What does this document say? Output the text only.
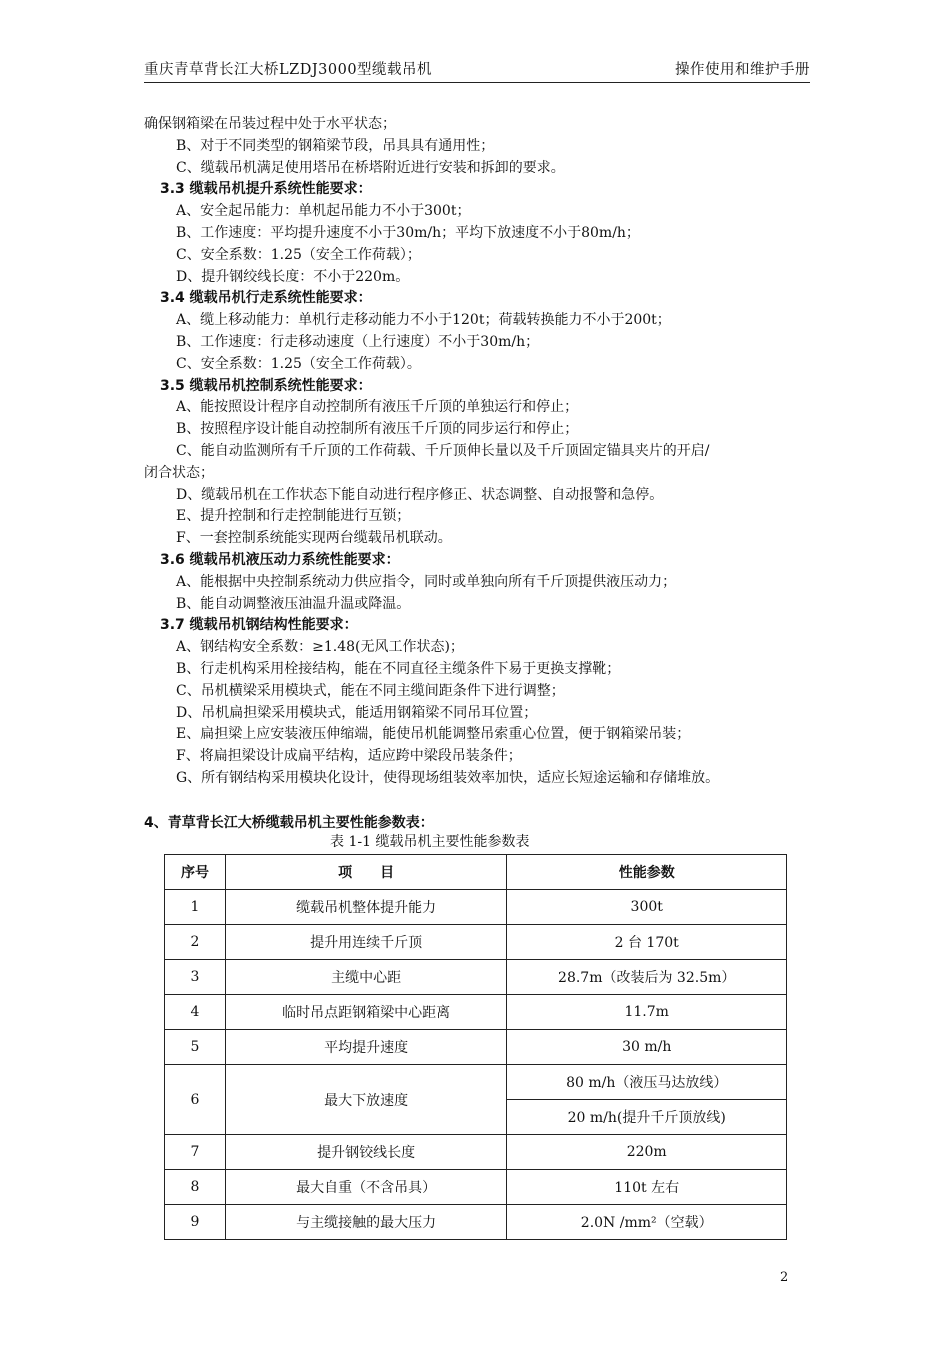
重庆青草背长江大桥LZDJ3000型缆载吊机	操作使用和维护手册
确保钢箱梁在吊装过程中处于水平状态；
B、对于不同类型的钢箱梁节段，吊具具有通用性；
C、缆载吊机满足使用塔吊在桥塔附近进行安装和拆卸的要求。
3.3 缆载吊机提升系统性能要求：
A、安全起吊能力：单机起吊能力不小于300t；
B、工作速度：平均提升速度不小于30m/h；平均下放速度不小于80m/h；
C、安全系数：1.25（安全工作荷载）；
D、提升钢绞线长度：不小于220m。
3.4 缆载吊机行走系统性能要求：
A、缆上移动能力：单机行走移动能力不小于120t；荷载转换能力不小于200t；
B、工作速度：行走移动速度（上行速度）不小于30m/h；
C、安全系数：1.25（安全工作荷载）。
3.5 缆载吊机控制系统性能要求：
A、能按照设计程序自动控制所有液压千斤顶的单独运行和停止；
B、按照程序设计能自动控制所有液压千斤顶的同步运行和停止；
C、能自动监测所有千斤顶的工作荷载、千斤顶伸长量以及千斤顶固定锚具夹片的开启/
闭合状态；
D、缆载吊机在工作状态下能自动进行程序修正、状态调整、自动报警和急停。
E、提升控制和行走控制能进行互锁；
F、一套控制系统能实现两台缆载吊机联动。
3.6 缆载吊机液压动力系统性能要求：
A、能根据中央控制系统动力供应指令，同时或单独向所有千斤顶提供液压动力；
B、能自动调整液压油温升温或降温。
3.7 缆载吊机钢结构性能要求：
A、钢结构安全系数：≥1.48(无风工作状态)；
B、行走机构采用栓接结构，能在不同直径主缆条件下易于更换支撑靴；
C、吊机横梁采用模块式，能在不同主缆间距条件下进行调整；
D、吊机扁担梁采用模块式，能适用钢箱梁不同吊耳位置；
E、扁担梁上应安装液压伸缩端，能使吊机能调整吊索重心位置，便于钢箱梁吊装；
F、将扁担梁设计成扁平结构，适应跨中梁段吊装条件；
G、所有钢结构采用模块化设计，使得现场组装效率加快，适应长短途运输和存储堆放。
4、青草背长江大桥缆载吊机主要性能参数表：
表 1-1 缆载吊机主要性能参数表
序号	项　　目	性能参数
1	缆载吊机整体提升能力	300t
2	提升用连续千斤顶	2 台 170t
3	主缆中心距	28.7m（改装后为 32.5m）
4	临时吊点距钢箱梁中心距离	11.7m
5	平均提升速度	30 m/h
6	最大下放速度	80 m/h（液压马达放线）
		20 m/h(提升千斤顶放线)
7	提升钢铰线长度	220m
8	最大自重（不含吊具）	110t 左右
9	与主缆接触的最大压力	2.0N /mm²（空载）
2
